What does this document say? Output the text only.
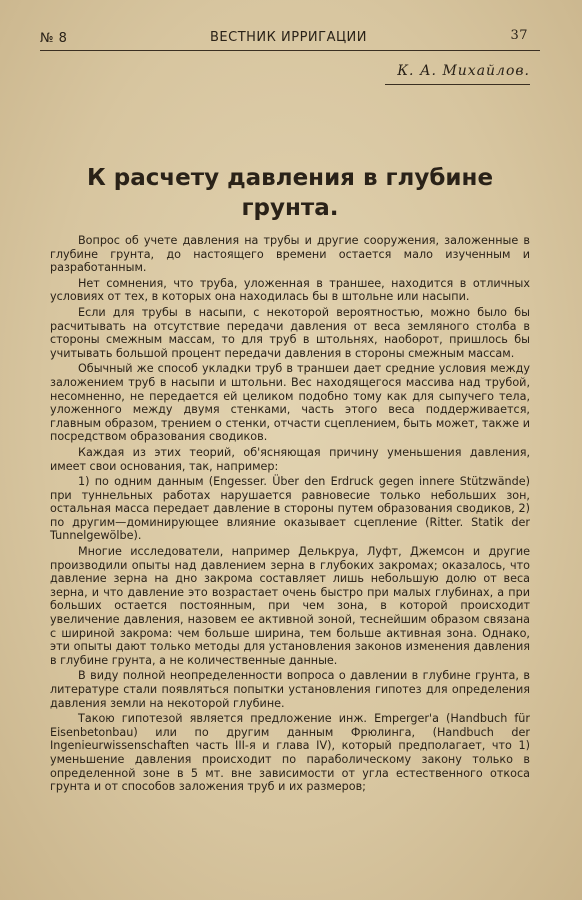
№ 8	ВЕСТНИК ИРРИГАЦИИ	37
К. А. Михайлов.
К расчету давления в глубине
грунта.

Вопрос об учете давления на трубы и другие сооружения, заложенные в глубине грунта, до настоящего времени остается мало изученным и разработанным.

Нет сомнения, что труба, уложенная в траншее, находится в отличных условиях от тех, в которых она находилась бы в штольне или насыпи.

Если для трубы в насыпи, с некоторой вероятностью, можно было бы расчитывать на отсутствие передачи давления от веса земляного столба в стороны смежным массам, то для труб в штольнях, наоборот, пришлось бы учитывать большой процент передачи давления в стороны смежным массам.

Обычный же способ укладки труб в траншеи дает средние условия между заложением труб в насыпи и штольни. Вес находящегося массива над трубой, несомненно, не передается ей целиком подобно тому как для сыпучего тела, уложенного между двумя стенками, часть этого веса поддерживается, главным образом, трением о стенки, отчасти сцеплением, быть может, также и посредством образования сводиков.

Каждая из этих теорий, об'ясняющая причину уменьшения давления, имеет свои основания, так, например:

1) по одним данным (Engesser. Über den Erdruck gegen innere Stützwände) при туннельных работах нарушается равновесие только небольших зон, остальная масса передает давление в стороны путем образования сводиков, 2) по другим—доминирующее влияние оказывает сцепление (Ritter. Statik der Tunnelgewölbe).

Многие исследователи, например Делькруа, Луфт, Джемсон и другие производили опыты над давлением зерна в глубоких закромах; оказалось, что давление зерна на дно закрома составляет лишь небольшую долю от веса зерна, и что давление это возрастает очень быстро при малых глубинах, а при больших остается постоянным, при чем зона, в которой происходит увеличение давления, назовем ее активной зоной, теснейшим образом связана с шириной закрома: чем больше ширина, тем больше активная зона. Однако, эти опыты дают только методы для установления законов изменения давления в глубине грунта, а не количественные данные.

В виду полной неопределенности вопроса о давлении в глубине грунта, в литературе стали появляться попытки установления гипотез для определения давления земли на некоторой глубине.

Такою гипотезой является предложение инж. Emperger'a (Handbuch für Eisenbetonbau) или по другим данным Фрюлинга, (Handbuch der Ingenieurwissenschaften часть III-я и глава IV), который предполагает, что 1) уменьшение давления происходит по параболическому закону только в определенной зоне в 5 мт. вне зависимости от угла естественного откоса грунта и от способов заложения труб и их размеров;
